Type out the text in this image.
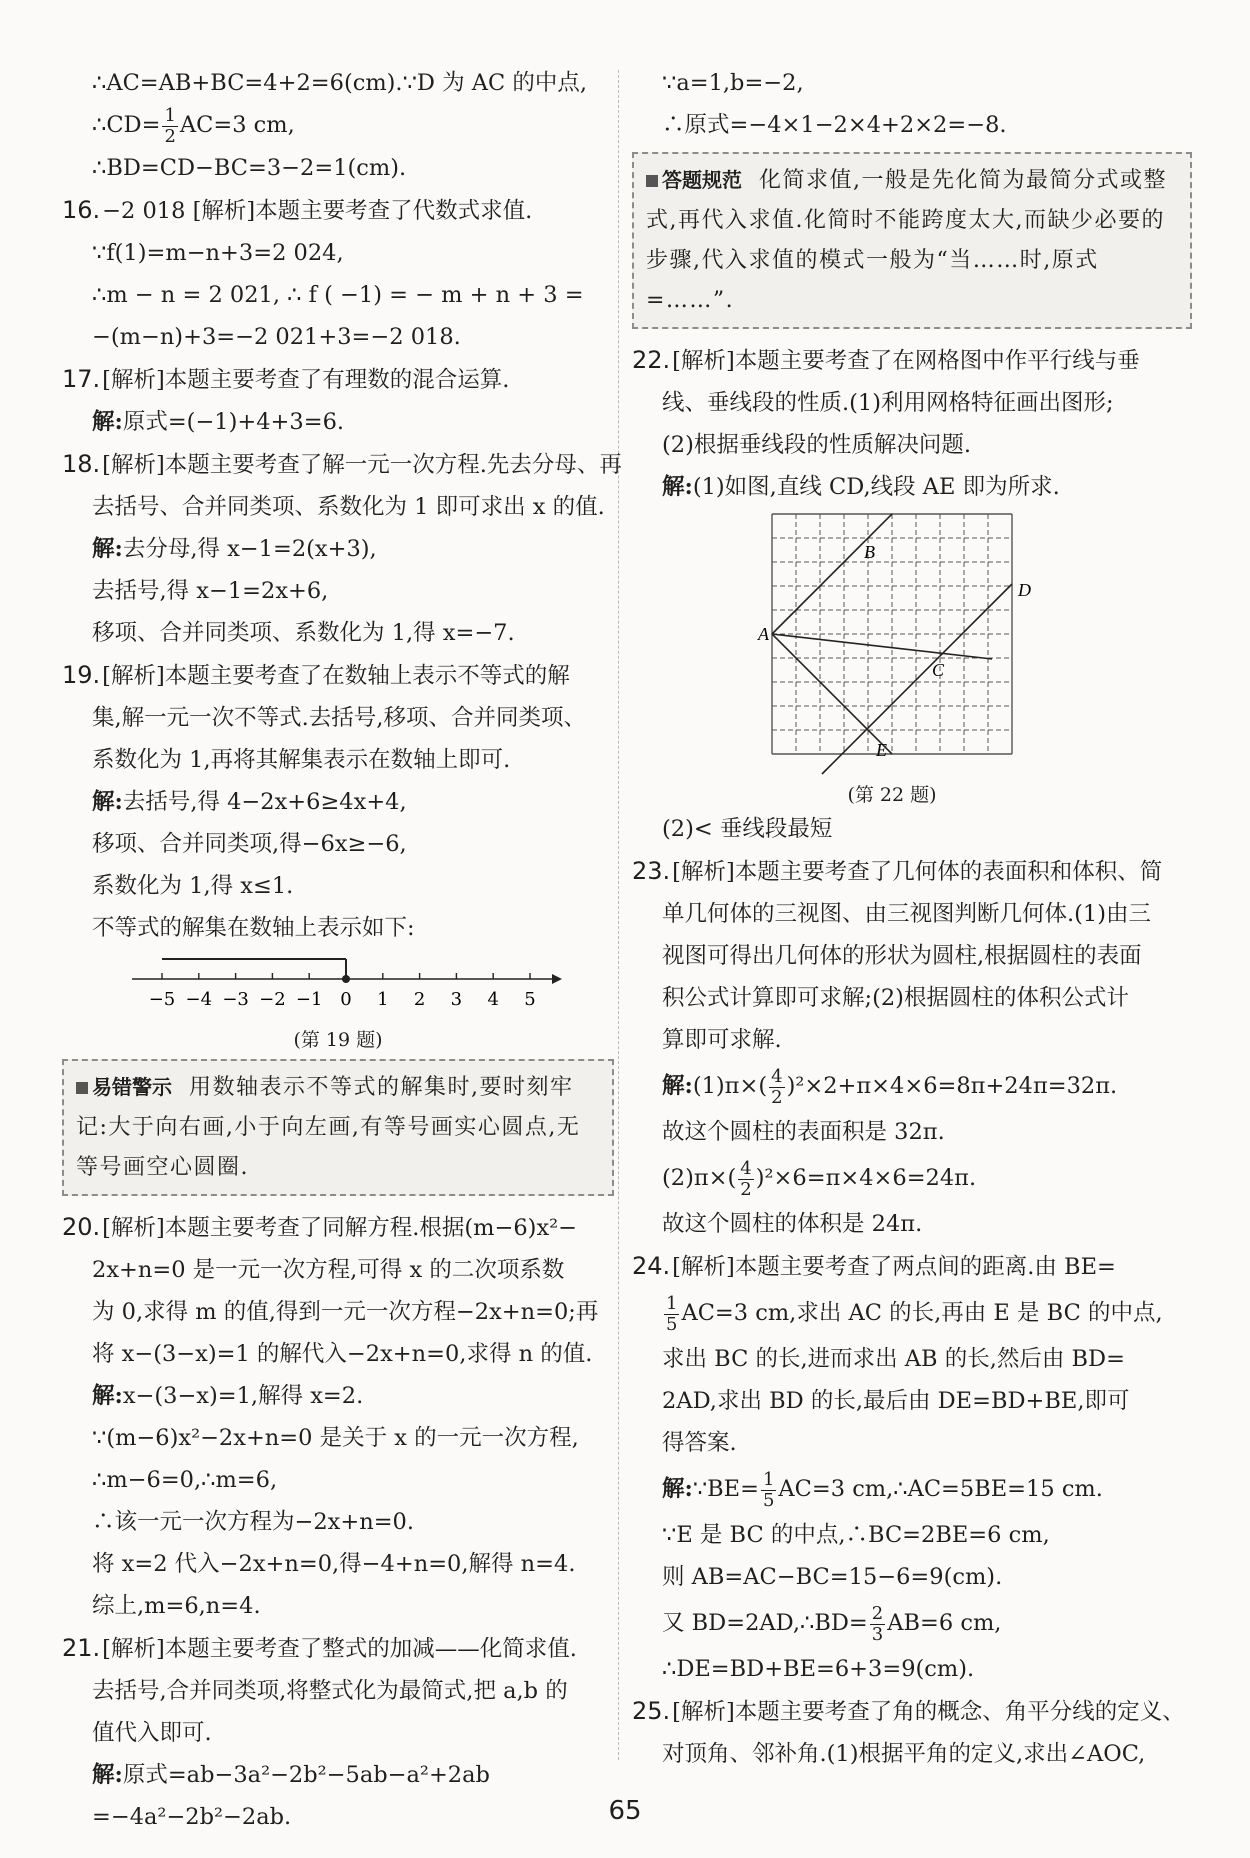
∴AC=AB+BC=4+2=6(cm).∵D 为 AC 的中点,
∴CD= $\frac{1}{2} AC=3$ cm,
∴BD=CD−BC=3−2=1(cm).
16.−2 018 [解析]本题主要考查了代数式求值.
∵f(1)=m−n+3=2 024,
∴m − n = 2 021, ∴ f ( −1) = − m + n + 3 =
−(m−n)+3=−2 021+3=−2 018.
17.[解析]本题主要考查了有理数的混合运算.
解:原式=(−1)+4+3=6.
18.[解析]本题主要考查了解一元一次方程.先去分母、再
去括号、合并同类项、系数化为 1 即可求出 x 的值.
解:去分母,得 x−1=2(x+3),
去括号,得 x−1=2x+6,
移项、合并同类项、系数化为 1,得 x=−7.
19.[解析]本题主要考查了在数轴上表示不等式的解
集,解一元一次不等式.去括号,移项、合并同类项、
系数化为 1,再将其解集表示在数轴上即可.
解:去括号,得 4−2x+6≥4x+4,
移项、合并同类项,得−6x≥−6,
系数化为 1,得 x≤1.
不等式的解集在数轴上表示如下:
−5 −4 −3 −2 −1 0 1 2 3 4 5
(第 19 题)
易错警示 用数轴表示不等式的解集时,要时刻牢记:大于向右画,小于向左画,有等号画实心圆点,无等号画空心圆圈.
20.[解析]本题主要考查了同解方程.根据(m−6)x²−
2x+n=0 是一元一次方程,可得 x 的二次项系数
为 0,求得 m 的值,得到一元一次方程−2x+n=0;再
将 x−(3−x)=1 的解代入−2x+n=0,求得 n 的值.
解:x−(3−x)=1,解得 x=2.
∵(m−6)x²−2x+n=0 是关于 x 的一元一次方程,
∴m−6=0,∴m=6,
∴该一元一次方程为−2x+n=0.
将 x=2 代入−2x+n=0,得−4+n=0,解得 n=4.
综上,m=6,n=4.
21.[解析]本题主要考查了整式的加减——化简求值.
去括号,合并同类项,将整式化为最简式,把 a,b 的
值代入即可.
解:原式=ab−3a²−2b²−5ab−a²+2ab
=−4a²−2b²−2ab.
∵a=1,b=−2,
∴原式=−4×1−2×4+2×2=−8.
答题规范 化简求值,一般是先化简为最简分式或整式,再代入求值.化简时不能跨度太大,而缺少必要的步骤,代入求值的模式一般为“当……时,原式=……”.
22.[解析]本题主要考查了在网格图中作平行线与垂
线、垂线段的性质.(1)利用网格特征画出图形;
(2)根据垂线段的性质解决问题.
解:(1)如图,直线 CD,线段 AE 即为所求.
A
B
C
D
E
(第 22 题)
(2)< 垂线段最短
23.[解析]本题主要考查了几何体的表面积和体积、简
单几何体的三视图、由三视图判断几何体.(1)由三
视图可得出几何体的形状为圆柱,根据圆柱的表面
积公式计算即可求解;(2)根据圆柱的体积公式计
算即可求解.
解:(1)π×( $\frac{4}{2} )^2\times 2+\pi\times 4\times 6=8\pi+24\pi=32\pi$.
故这个圆柱的表面积是 32π.
$(2)\pi\times( \frac{4}{2} )^2\times 6=\pi\times 4\times 6=24\pi$.
故这个圆柱的体积是 24π.
24.[解析]本题主要考查了两点间的距离.由 BE=
$\frac{1}{5} AC=3$ cm,求出 AC 的长,再由 E 是 BC 的中点,
求出 BC 的长,进而求出 AB 的长,然后由 BD=
2AD,求出 BD 的长,最后由 DE=BD+BE,即可
得答案.
解:∵BE= $\frac{1}{5} AC=3$ cm,∴AC=5BE=15 cm.
∵E 是 BC 的中点,∴BC=2BE=6 cm,
则 AB=AC−BC=15−6=9(cm).
又 BD=2AD,∴BD= $\frac{2}{3} AB=6$ cm,
∴DE=BD+BE=6+3=9(cm).
25.[解析]本题主要考查了角的概念、角平分线的定义、
对顶角、邻补角.(1)根据平角的定义,求出∠AOC,
65
